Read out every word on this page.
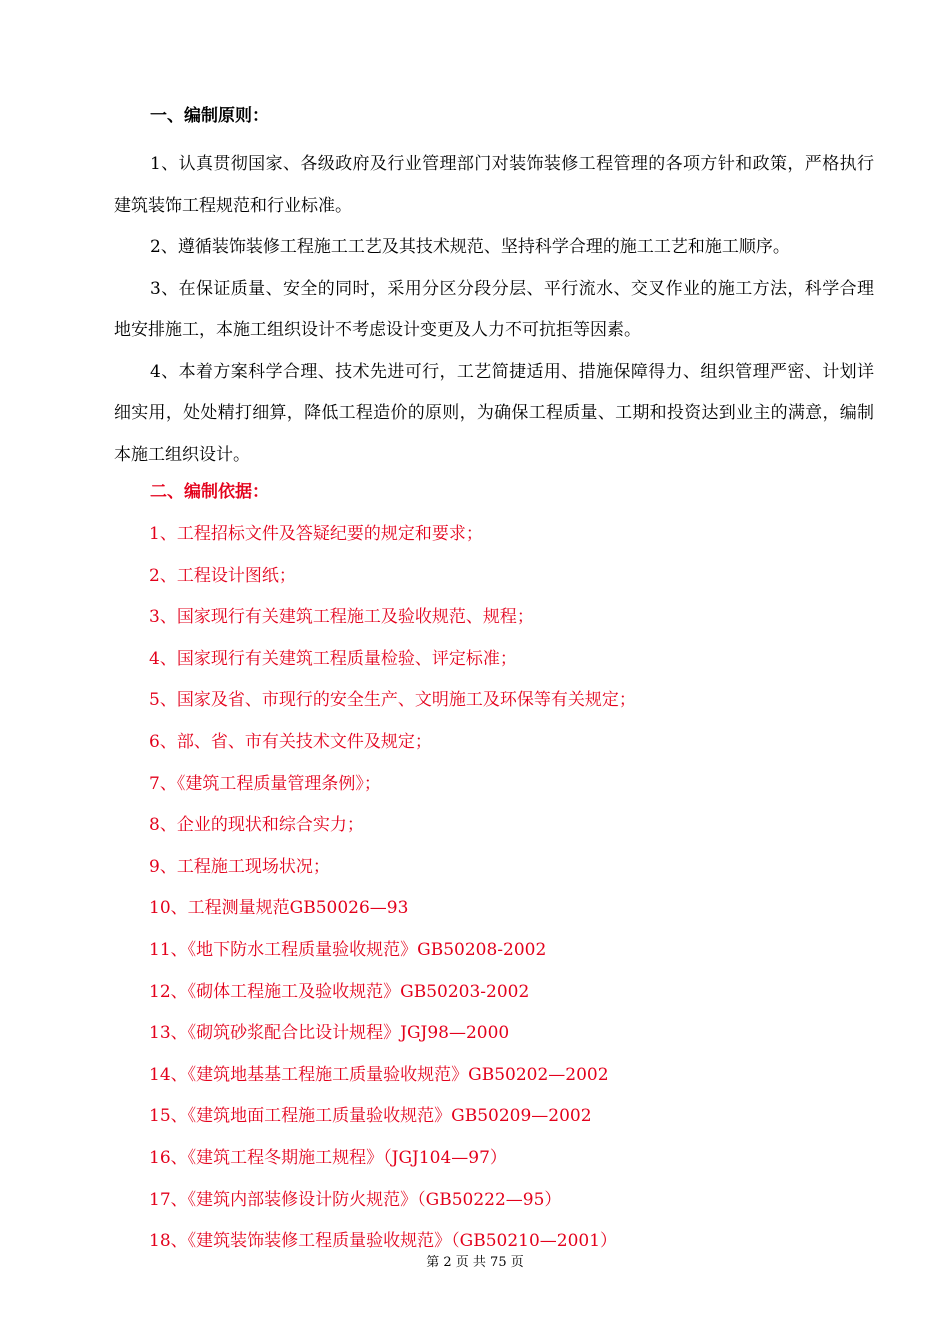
一、编制原则：

1、认真贯彻国家、各级政府及行业管理部门对装饰装修工程管理的各项方针和政策，严格执行建筑装饰工程规范和行业标准。

2、遵循装饰装修工程施工工艺及其技术规范、坚持科学合理的施工工艺和施工顺序。

3、在保证质量、安全的同时，采用分区分段分层、平行流水、交叉作业的施工方法，科学合理地安排施工，本施工组织设计不考虑设计变更及人力不可抗拒等因素。

4、本着方案科学合理、技术先进可行，工艺简捷适用、措施保障得力、组织管理严密、计划详细实用，处处精打细算，降低工程造价的原则，为确保工程质量、工期和投资达到业主的满意，编制本施工组织设计。

二、编制依据：
1、工程招标文件及答疑纪要的规定和要求；
2、工程设计图纸；
3、国家现行有关建筑工程施工及验收规范、规程；
4、国家现行有关建筑工程质量检验、评定标准；
5、国家及省、市现行的安全生产、文明施工及环保等有关规定；
6、部、省、市有关技术文件及规定；
7、《建筑工程质量管理条例》；
8、企业的现状和综合实力；
9、工程施工现场状况；
10、工程测量规范GB50026—93
11、《地下防水工程质量验收规范》GB50208-2002
12、《砌体工程施工及验收规范》GB50203-2002
13、《砌筑砂浆配合比设计规程》JGJ98—2000
14、《建筑地基基工程施工质量验收规范》GB50202—2002
15、《建筑地面工程施工质量验收规范》GB50209—2002
16、《建筑工程冬期施工规程》（JGJ104—97）
17、《建筑内部装修设计防火规范》（GB50222—95）
18、《建筑装饰装修工程质量验收规范》（GB50210—2001）
第 2 页 共 75 页
